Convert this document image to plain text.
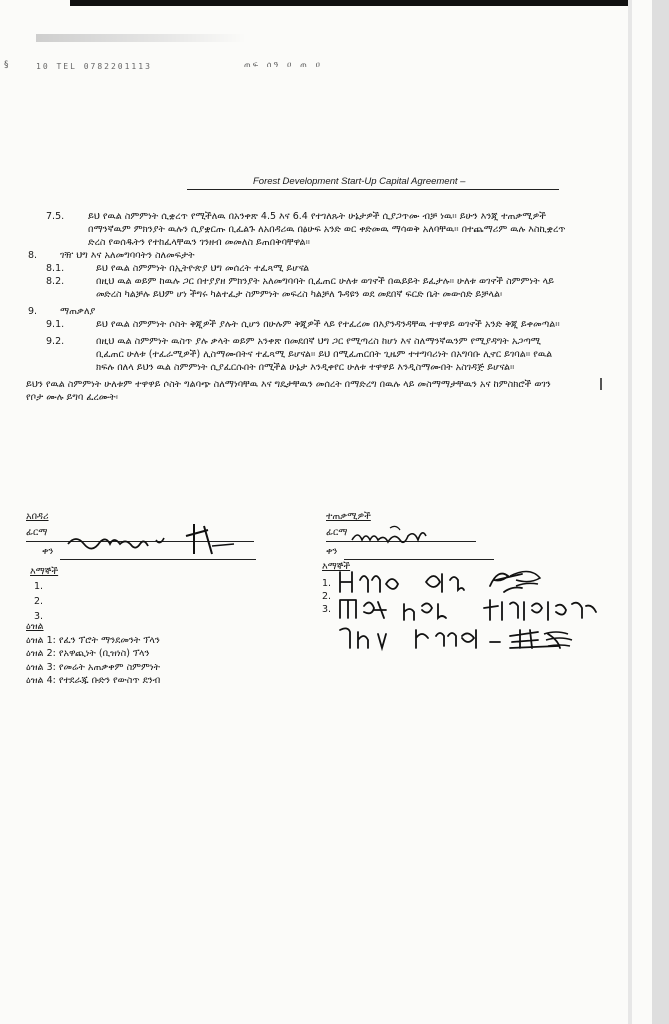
§	10 TEL 0782201113	ጠፍ ሰዓ ዐ ጠ ዐ
Forest Development Start-Up Capital Agreement –
7.5.	ይህ የዉል ስምምነት ሲቋረጥ የሚችለዉ በአንቀጽ 4.5 እና 6.4 የተገለጹት ሁኔታዎች ሲያጋጥሙ ብቻ ነዉ። ይሁን እንጂ ተጠቃሚዎች በማንኛዉም ምክንያት ዉሉን ሲያቋርጡ ቢፈልጉ ለአበዳሪዉ በፅሁፍ አንድ ወር ቀድመዉ ማሳወቅ አለባቸዉ። በተጨማሪም ዉሉ እስኪቋረጥ ድረስ የወሰዱትን የተከፈላቸዉን ገንዘብ መመለስ ይጠበቅባቸዋል።
8. ገዥ ህግ እና አለመግባባትን ስለመፍታት
8.1.	ይህ የዉል ስምምነት በኢትዮጵያ ህግ መሰረት ተፈጻሚ ይሆናል
8.2.	በዚህ ዉል ወይም ከዉሉ ጋር በተያያዘ ምክንያት አለመግባባት ቢፈጠር ሁለቱ ወገኖች በዉይይት ይፈታሉ። ሁለቱ ወገኖች ስምምነት ላይ መድረስ ካልቻሉ ይህም ሆነ ችግሩ ካልተፈታ ስምምነት መፍረስ ካልቻለ ጉዳዩን ወደ መደበኛ ፍርድ ቤት መውሰድ ይቻላል፡
9. ማጠቃለያ
9.1.	ይህ የዉል ስምምነት ሶስት ቅጂዎች ያሉት ሲሆን በሁሉም ቅጂዎች ላይ የተፈረመ በእያንዳንዳቸዉ ተዋዋይ ወገኖች አንድ ቅጂ ይቀመጣል።
9.2.	በዚህ ዉል ስምምነት ዉስጥ ያሉ ቃላት ወይም አንቀጽ በመደበኛ ህግ ጋር የሚጣረስ ከሆነ እና ስለማንኛዉንም የሚያዳግት አጋጣሚ ቢፈጠር ሁለቱ (ተፈራሚዎች) ሊስማሙበትና ተፈጻሚ ይሆናል። ይህ በሚፈጠርበት ጊዜም ተተግባሪነት በአግባቡ ሊኖር ይገባል። የዉል ክፍሉ በለላ ይህን ዉል ስምምነት ሲያፈርሱበት በሚችል ሁኔታ እንዲቀየር ሁለቱ ተዋዋይ እንዲስማሙበት አስገዳጅ ይሆናል።
ይህን የዉል ስምምነት ሁለቱም ተዋዋይ ሶስት ግልባጭ ስለማነባቸዉ እና ግዴታቸዉን መሰረት በማድረግ በዉሉ ላይ መስማማታቸዉን አና ከምስክሮች ወገን የቦታ ሙሉ ይግባ ፈረሙት፡
አበዳሪ
ፊርማ
ቀን
ተጠቃሚዎች
ፊርማ
ቀን
እማኞች
1.
2.
3.
እማኞች
1.
2.
3.
ዕዝል
ዕዝል 1: የፈን ፕሮት ማንደመንት ፕላን
ዕዝል 2: የአዋጪነት (ቢዝነስ) ፕላን
ዕዝል 3: የመሬት አጠቃቀም ስምምነት
ዕዝል 4: የተደራጁ ቡድን የውስጥ ደንብ
